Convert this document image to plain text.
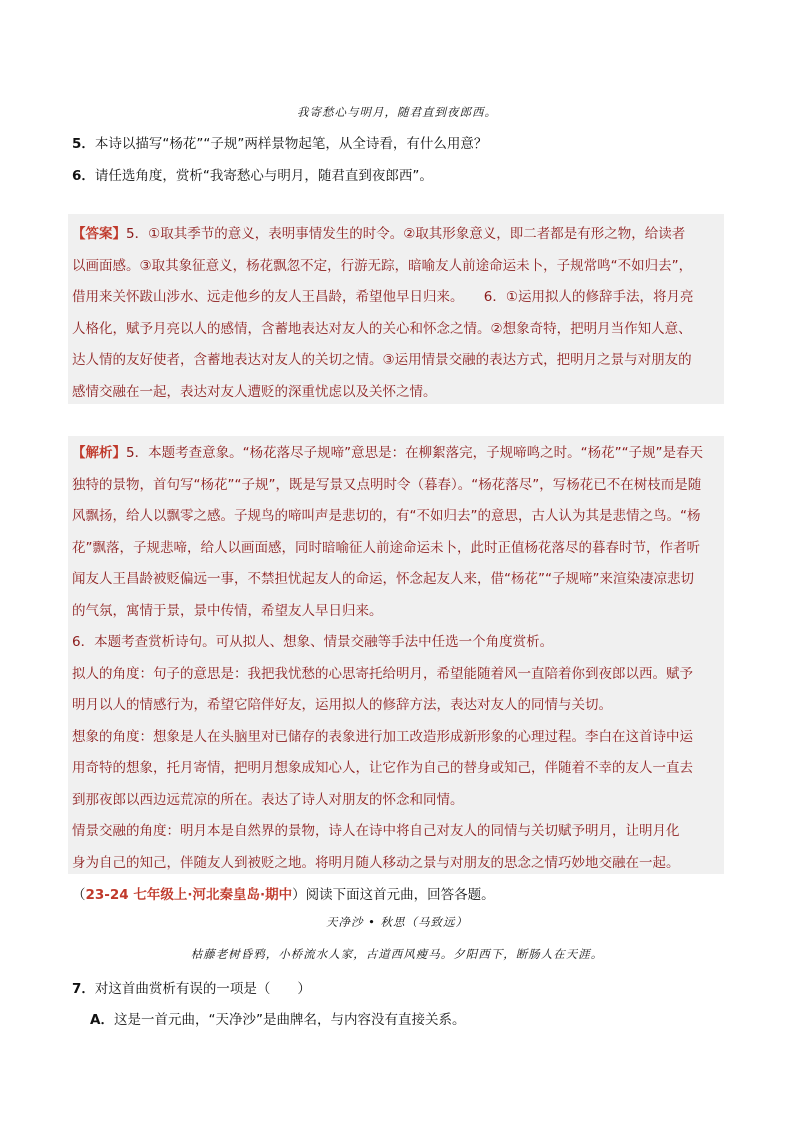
我寄愁心与明月，随君直到夜郎西。
5．本诗以描写“杨花”“子规”两样景物起笔，从全诗看，有什么用意？
6．请任选角度，赏析“我寄愁心与明月，随君直到夜郎西”。

【答案】5．①取其季节的意义，表明事情发生的时令。②取其形象意义，即二者都是有形之物，给读者

以画面感。③取其象征意义，杨花飘忽不定，行游无踪，暗喻友人前途命运未卜，子规常鸣“不如归去”，

借用来关怀跋山涉水、远走他乡的友人王昌龄，希望他早日归来。　　6．①运用拟人的修辞手法，将月亮

人格化，赋予月亮以人的感情，含蓄地表达对友人的关心和怀念之情。②想象奇特，把明月当作知人意、

达人情的友好使者，含蓄地表达对友人的关切之情。③运用情景交融的表达方式，把明月之景与对朋友的

感情交融在一起，表达对友人遭贬的深重忧虑以及关怀之情。

【解析】5．本题考查意象。“杨花落尽子规啼”意思是：在柳絮落完，子规啼鸣之时。“杨花”“子规”是春天

独特的景物，首句写“杨花”“子规”，既是写景又点明时令（暮春）。“杨花落尽”，写杨花已不在树枝而是随

风飘扬，给人以飘零之感。子规鸟的啼叫声是悲切的，有“不如归去”的意思，古人认为其是悲情之鸟。“杨

花”飘落，子规悲啼，给人以画面感，同时暗喻征人前途命运未卜，此时正值杨花落尽的暮春时节，作者听

闻友人王昌龄被贬偏远一事，不禁担忧起友人的命运，怀念起友人来，借“杨花”“子规啼”来渲染凄凉悲切

的气氛，寓情于景，景中传情，希望友人早日归来。

6．本题考查赏析诗句。可从拟人、想象、情景交融等手法中任选一个角度赏析。

拟人的角度：句子的意思是：我把我忧愁的心思寄托给明月，希望能随着风一直陪着你到夜郎以西。赋予

明月以人的情感行为，希望它陪伴好友，运用拟人的修辞方法，表达对友人的同情与关切。

想象的角度：想象是人在头脑里对已储存的表象进行加工改造形成新形象的心理过程。李白在这首诗中运

用奇特的想象，托月寄情，把明月想象成知心人，让它作为自己的替身或知己，伴随着不幸的友人一直去

到那夜郎以西边远荒凉的所在。表达了诗人对朋友的怀念和同情。

情景交融的角度：明月本是自然界的景物，诗人在诗中将自己对友人的同情与关切赋予明月，让明月化

身为自己的知己，伴随友人到被贬之地。将明月随人移动之景与对朋友的思念之情巧妙地交融在一起。

（23-24 七年级上·河北秦皇岛·期中）阅读下面这首元曲，回答各题。
天净沙 • 秋思（马致远）
枯藤老树昏鸦，小桥流水人家，古道西风瘦马。夕阳西下，断肠人在天涯。
7．对这首曲赏析有误的一项是（　　）
A．这是一首元曲，“天净沙”是曲牌名，与内容没有直接关系。
